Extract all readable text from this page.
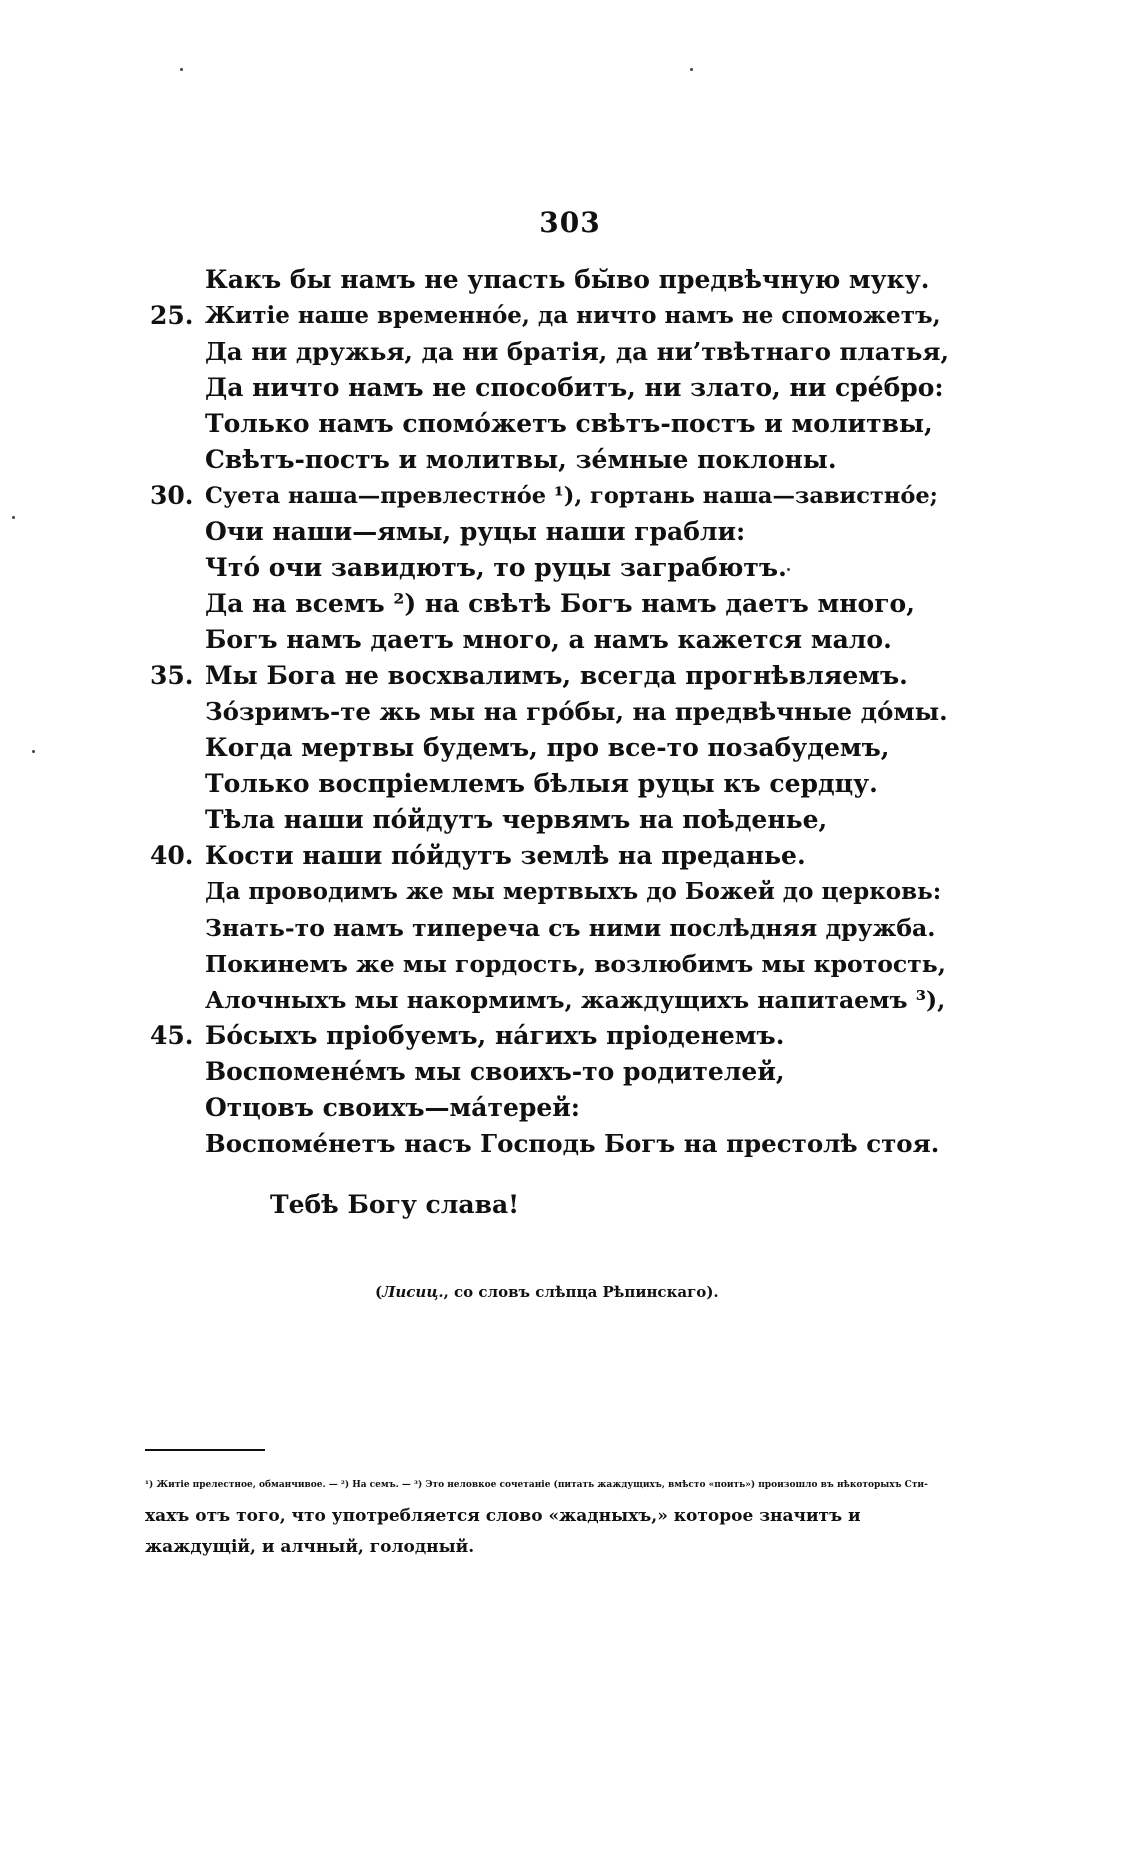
303
Какъ бы намъ не упасть бы̆во предвѣчную муку.
25. Житіе наше временно́е, да ничто намъ не споможетъ,
Да ни дружья, да ни братія, да ни’твѣтнаго платья,
Да ничто намъ не способитъ, ни злато, ни сре́бро:
Только намъ спомо́жетъ свѣтъ-постъ и молитвы,
Свѣтъ-постъ и молитвы, зе́мные поклоны.
30. Суета наша—превлестно́е ¹), гортань наша—завистно́е;
Очи наши—ямы, руцы наши грабли:
Что́ очи завидютъ, то руцы заграбютъ.
Да на всемъ ²) на свѣтѣ Богъ намъ даетъ много,
Богъ намъ даетъ много, а намъ кажется мало.
35. Мы Бога не восхвалимъ, всегда прогнѣвляемъ.
Зо́зримъ-те жь мы на гро́бы, на предвѣчные до́мы.
Когда мертвы будемъ, про все-то позабудемъ,
Только воспріемлемъ бѣлыя руцы къ сердцу.
Тѣла наши по́йдутъ червямъ на поѣденье,
40. Кости наши по́йдутъ землѣ на преданье.
Да проводимъ же мы мертвыхъ до Божей до церковь:
Знать-то намъ типереча съ ними послѣдняя дружба.
Покинемъ же мы гордость, возлюбимъ мы кротость,
Алочныхъ мы накормимъ, жаждущихъ напитаемъ ³),
45. Бо́сыхъ пріобуемъ, на́гихъ пріоденемъ.
Воспомене́мъ мы своихъ-то родителей,
Отцовъ своихъ—ма́терей:
Воспоме́нетъ насъ Господь Богъ на престолѣ стоя.
Тебѣ Богу слава!
(Лисиц., со словъ слѣпца Рѣпинскаго).
¹) Житіе прелестное, обманчивое. — ²) На семъ. — ³) Это неловкое сочетаніе (питать жаждущихъ, вмѣсто «поить») произошло въ нѣкоторыхъ Сти-
хахъ отъ того, что употребляется слово «жадныхъ,» которое значитъ и
жаждущій, и алчный, голодный.
